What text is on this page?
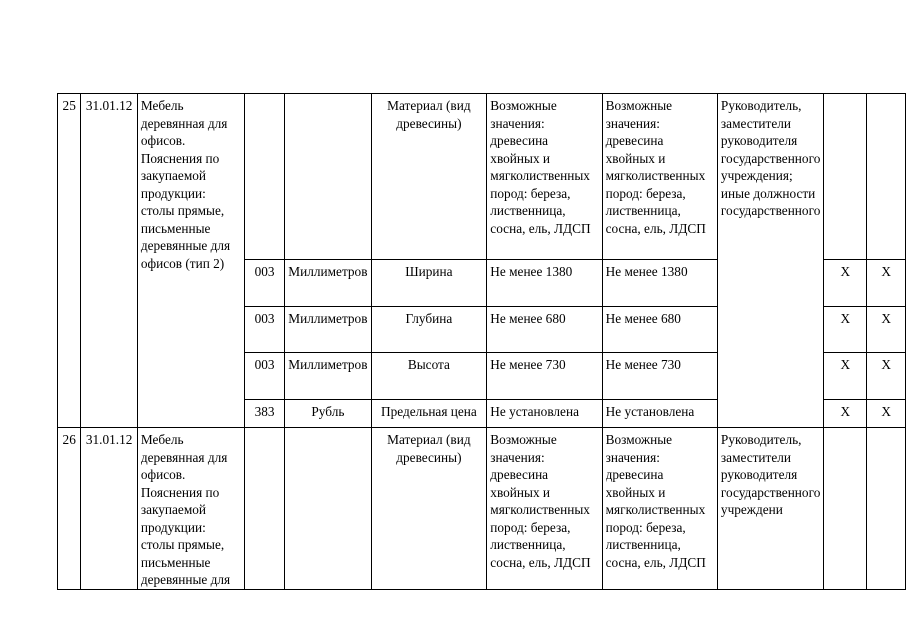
25	31.01.12	Мебель деревянная для офисов. Пояснения по закупаемой продукции: столы прямые, письменные деревянные для офисов (тип 2)			Материал (вид древесины)	Возможные значения: древесина хвойных и мягколиственных пород: береза, лиственница, сосна, ель, ЛДСП	Возможные значения: древесина хвойных и мягколиственных пород: береза, лиственница, сосна, ель, ЛДСП	Руководитель, заместители руководителя государственного учреждения; иные должности государственного		
			003	Миллиметров	Ширина	Не менее 1380	Не менее 1380		X	X
			003	Миллиметров	Глубина	Не менее 680	Не менее 680		X	X
			003	Миллиметров	Высота	Не менее 730	Не менее 730		X	X
			383	Рубль	Предельная цена	Не установлена	Не установлена		X	X
26	31.01.12	Мебель деревянная для офисов. Пояснения по закупаемой продукции: столы прямые, письменные деревянные для			Материал (вид древесины)	Возможные значения: древесина хвойных и мягколиственных пород: береза, лиственница, сосна, ель, ЛДСП	Возможные значения: древесина хвойных и мягколиственных пород: береза, лиственница, сосна, ель, ЛДСП	Руководитель, заместители руководителя государственного учреждени		
